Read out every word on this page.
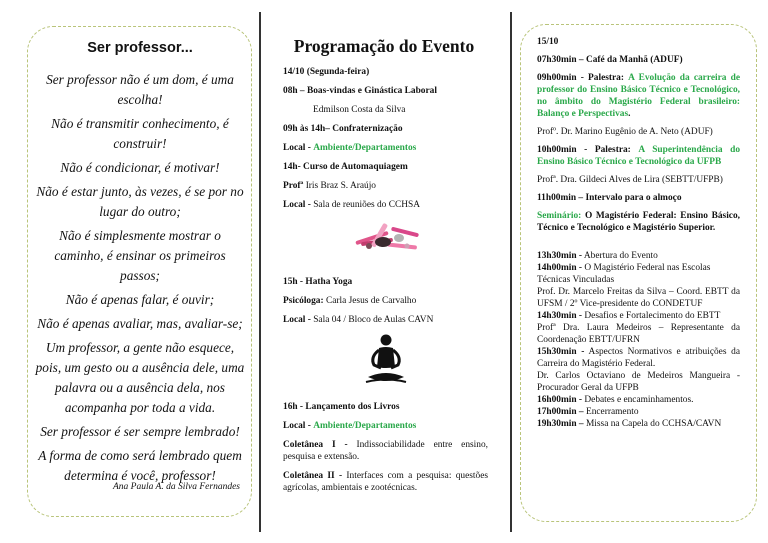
Ser professor...

Ser professor não é um dom, é uma escolha!

Não é transmitir conhecimento, é construir!

Não é condicionar, é motivar!

Não é estar junto, às vezes, é se por no lugar do outro;

Não é simplesmente mostrar o caminho, é ensinar os primeiros passos;

Não é apenas falar, é ouvir;

Não é apenas avaliar, mas, avaliar-se;

Um professor, a gente não esquece, pois, um gesto ou a ausência dele, uma palavra ou a ausência dela, nos acompanha por toda a vida.

Ser professor é ser sempre lembrado!

A forma de como será lembrado quem determina é você, professor!

Ana Paula A. da Silva Fernandes
Programação do Evento
14/10 (Segunda-feira)
08h – Boas-vindas e Ginástica Laboral
Edmilson Costa da Silva
09h às 14h– Confraternização
Local - Ambiente/Departamentos
14h- Curso de Automaquiagem
Profª Iris Braz S. Araújo
Local - Sala de reuniões do CCHSA
15h - Hatha Yoga
Psicóloga: Carla Jesus de Carvalho
Local - Sala 04 / Bloco de Aulas CAVN
16h - Lançamento dos Livros
Local - Ambiente/Departamentos
Coletânea I - Indissociabilidade entre ensino, pesquisa e extensão.
Coletânea II - Interfaces com a pesquisa: questões agrícolas, ambientais e zootécnicas.
15/10
07h30min – Café da Manhã (ADUF)
09h00min - Palestra: A Evolução da carreira de professor do Ensino Básico Técnico e Tecnológico, no âmbito do Magistério Federal brasileiro: Balanço e Perspectivas.
Profº. Dr. Marino Eugênio de A. Neto (ADUF)
10h00min - Palestra: A Superintendência do Ensino Básico Técnico e Tecnológico da UFPB
Profª. Dra. Gildeci Alves de Lira (SEBTT/UFPB)
11h00min – Intervalo para o almoço
Seminário: O Magistério Federal: Ensino Básico, Técnico e Tecnológico e Magistério Superior.
13h30min - Abertura do Evento
14h00min - O Magistério Federal nas Escolas Técnicas Vinculadas
Prof. Dr. Marcelo Freitas da Silva – Coord. EBTT da UFSM / 2º Vice-presidente do CONDETUF
14h30min - Desafios e Fortalecimento do EBTT
Profª Dra. Laura Medeiros – Representante da Coordenação EBTT/UFRN
15h30min - Aspectos Normativos e atribuições da Carreira do Magistério Federal.
Dr. Carlos Octaviano de Medeiros Mangueira - Procurador Geral da UFPB
16h00min - Debates e encaminhamentos.
17h00min – Encerramento
19h30min – Missa na Capela do CCHSA/CAVN
